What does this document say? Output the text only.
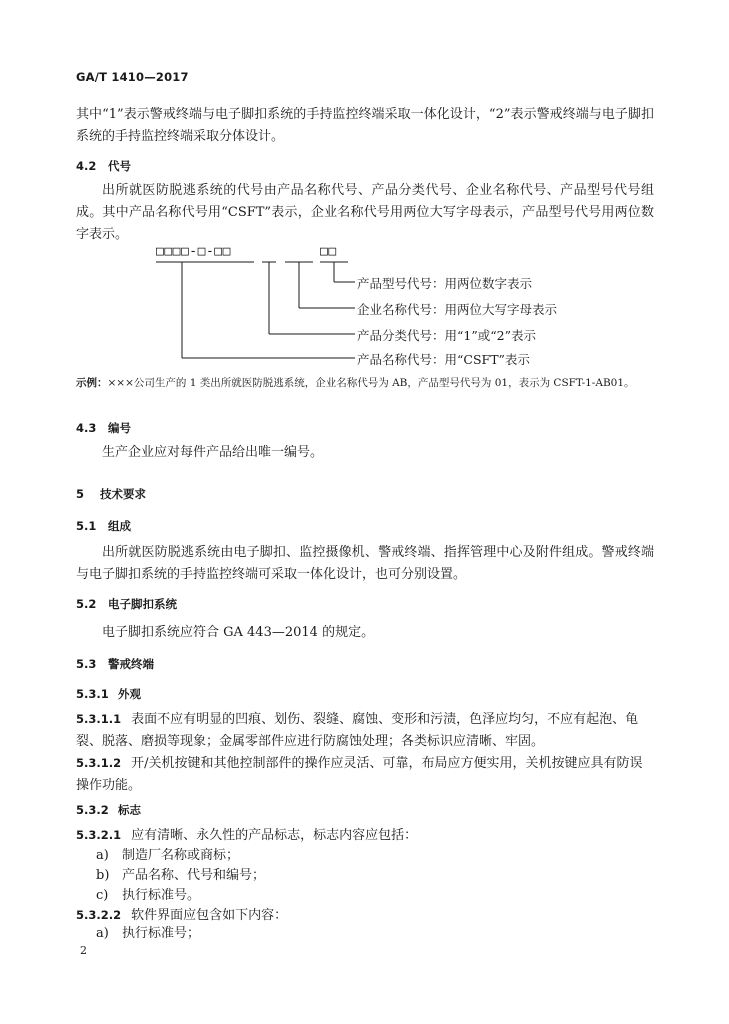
GA/T 1410—2017

其中“1”表示警戒终端与电子脚扣系统的手持监控终端采取一体化设计，“2”表示警戒终端与电子脚扣系统的手持监控终端采取分体设计。

4.2 代号

出所就医防脱逃系统的代号由产品名称代号、产品分类代号、企业名称代号、产品型号代号组成。其中产品名称代号用“CSFT”表示，企业名称代号用两位大写字母表示，产品型号代号用两位数字表示。

□□□□-□-□□	□□
产品型号代号：用两位数字表示
企业名称代号：用两位大写字母表示
产品分类代号：用“1”或“2”表示
产品名称代号：用“CSFT”表示

示例：×××公司生产的 1 类出所就医防脱逃系统，企业名称代号为 AB，产品型号代号为 01，表示为 CSFT-1-AB01。

4.3 编号

生产企业应对每件产品给出唯一编号。

5 技术要求
5.1 组成

出所就医防脱逃系统由电子脚扣、监控摄像机、警戒终端、指挥管理中心及附件组成。警戒终端与电子脚扣系统的手持监控终端可采取一体化设计，也可分别设置。

5.2 电子脚扣系统

电子脚扣系统应符合 GA 443—2014 的规定。

5.3 警戒终端
5.3.1 外观

5.3.1.1 表面不应有明显的凹痕、划伤、裂缝、腐蚀、变形和污渍，色泽应均匀，不应有起泡、龟裂、脱落、磨损等现象；金属零部件应进行防腐蚀处理；各类标识应清晰、牢固。

5.3.1.2 开/关机按键和其他控制部件的操作应灵活、可靠，布局应方便实用，关机按键应具有防误操作功能。

5.3.2 标志

5.3.2.1 应有清晰、永久性的产品标志，标志内容应包括：

a) 制造厂名称或商标；
b) 产品名称、代号和编号；
c) 执行标准号。

5.3.2.2 软件界面应包含如下内容：

a) 执行标准号；
2
